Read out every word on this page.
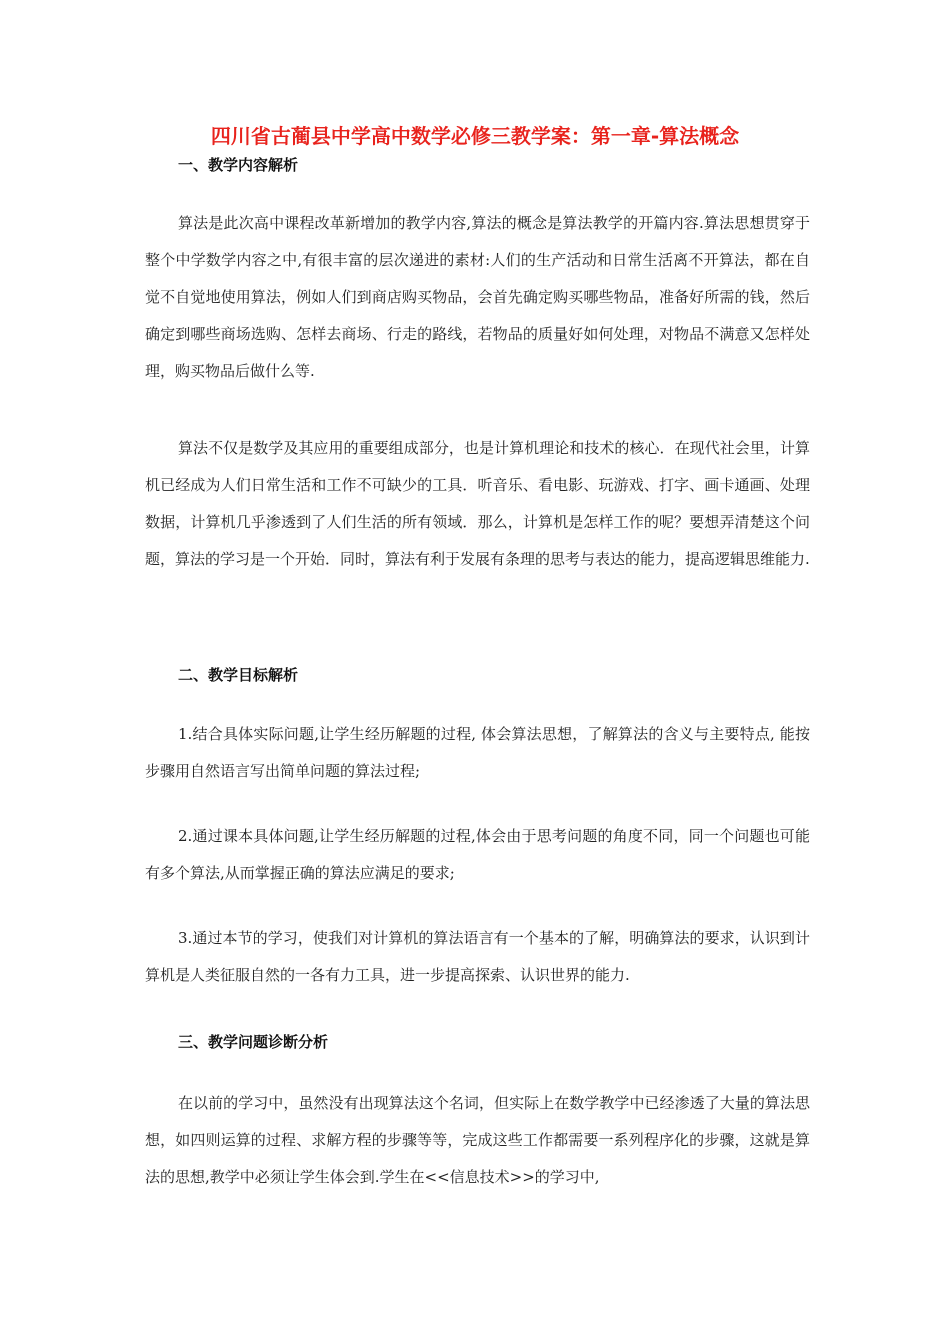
四川省古蔺县中学高中数学必修三教学案：第一章-算法概念
一、教学内容解析
算法是此次高中课程改革新增加的教学内容,算法的概念是算法教学的开篇内容.算法思想贯穿于整个中学数学内容之中,有很丰富的层次递进的素材:人们的生产活动和日常生活离不开算法，都在自觉不自觉地使用算法，例如人们到商店购买物品，会首先确定购买哪些物品，准备好所需的钱，然后确定到哪些商场选购、怎样去商场、行走的路线，若物品的质量好如何处理，对物品不满意又怎样处理，购买物品后做什么等.
算法不仅是数学及其应用的重要组成部分，也是计算机理论和技术的核心．在现代社会里，计算机已经成为人们日常生活和工作不可缺少的工具．听音乐、看电影、玩游戏、打字、画卡通画、处理数据，计算机几乎渗透到了人们生活的所有领域．那么，计算机是怎样工作的呢？要想弄清楚这个问题，算法的学习是一个开始．同时，算法有利于发展有条理的思考与表达的能力，提高逻辑思维能力.
二、教学目标解析
1.结合具体实际问题,让学生经历解题的过程, 体会算法思想，了解算法的含义与主要特点, 能按步骤用自然语言写出简单问题的算法过程;
2.通过课本具体问题,让学生经历解题的过程,体会由于思考问题的角度不同，同一个问题也可能有多个算法,从而掌握正确的算法应满足的要求;
3.通过本节的学习，使我们对计算机的算法语言有一个基本的了解，明确算法的要求，认识到计算机是人类征服自然的一各有力工具，进一步提高探索、认识世界的能力.
三、教学问题诊断分析
在以前的学习中，虽然没有出现算法这个名词，但实际上在数学教学中已经渗透了大量的算法思想，如四则运算的过程、求解方程的步骤等等，完成这些工作都需要一系列程序化的步骤，这就是算法的思想,教学中必须让学生体会到.学生在<<信息技术>>的学习中,
